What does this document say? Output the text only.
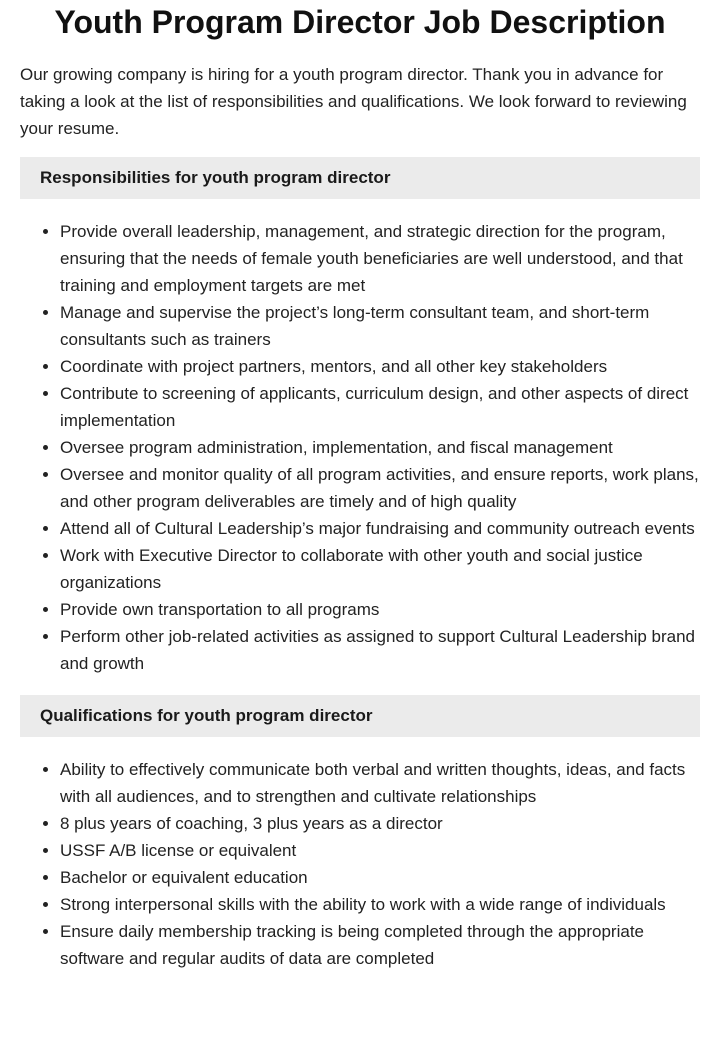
Youth Program Director Job Description

Our growing company is hiring for a youth program director. Thank you in advance for taking a look at the list of responsibilities and qualifications. We look forward to reviewing your resume.

Responsibilities for youth program director
• Provide overall leadership, management, and strategic direction for the program, ensuring that the needs of female youth beneficiaries are well understood, and that training and employment targets are met
• Manage and supervise the project’s long-term consultant team, and short-term consultants such as trainers
• Coordinate with project partners, mentors, and all other key stakeholders
• Contribute to screening of applicants, curriculum design, and other aspects of direct implementation
• Oversee program administration, implementation, and fiscal management
• Oversee and monitor quality of all program activities, and ensure reports, work plans, and other program deliverables are timely and of high quality
• Attend all of Cultural Leadership’s major fundraising and community outreach events
• Work with Executive Director to collaborate with other youth and social justice organizations
• Provide own transportation to all programs
• Perform other job-related activities as assigned to support Cultural Leadership brand and growth
Qualifications for youth program director
• Ability to effectively communicate both verbal and written thoughts, ideas, and facts with all audiences, and to strengthen and cultivate relationships
• 8 plus years of coaching, 3 plus years as a director
• USSF A/B license or equivalent
• Bachelor or equivalent education
• Strong interpersonal skills with the ability to work with a wide range of individuals
• Ensure daily membership tracking is being completed through the appropriate software and regular audits of data are completed
